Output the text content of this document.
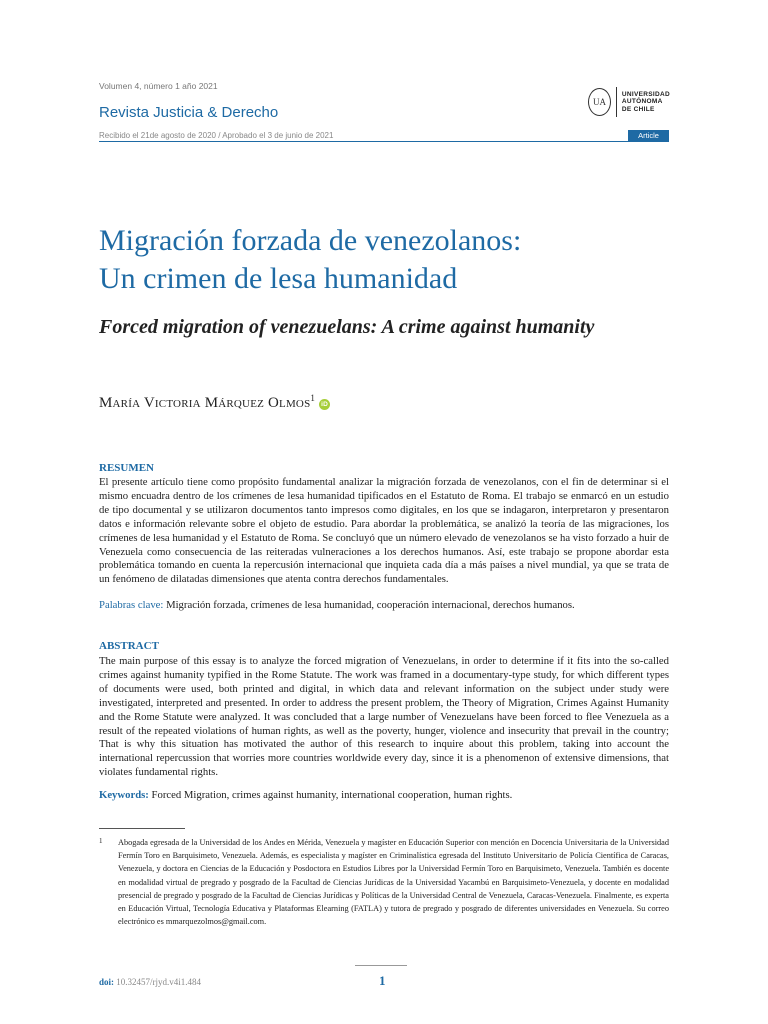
Volumen 4, número 1 año 2021
Revista Justicia & Derecho
Recibido el 21de agosto de 2020 / Aprobado el 3 de junio de 2021
UA
UNIVERSIDAD
AUTÓNOMA
DE CHILE
Article
Migración forzada de venezolanos:
Un crimen de lesa humanidad
Forced migration of venezuelans: A crime against humanity
María Victoria Márquez Olmos$^1$iD
RESUMEN
El presente artículo tiene como propósito fundamental analizar la migración forzada de venezolanos, con el fin de determinar si el mismo encuadra dentro de los crímenes de lesa humanidad tipificados en el Estatuto de Roma. El trabajo se enmarcó en un estudio de tipo documental y se utilizaron documentos tanto impresos como digitales, en los que se indagaron, interpretaron y presentaron datos e información relevante sobre el objeto de estudio. Para abordar la problemática, se analizó la teoría de las migraciones, los crímenes de lesa humanidad y el Estatuto de Roma. Se concluyó que un número elevado de venezolanos se ha visto forzado a huir de Venezuela como consecuencia de las reiteradas vulneraciones a los derechos humanos. Así, este trabajo se propone abordar esta problemática tomando en cuenta la repercusión internacional que inquieta cada día a más países a nivel mundial, ya que se trata de un fenómeno de dilatadas dimensiones que atenta contra derechos fundamentales.
Palabras clave: Migración forzada, crímenes de lesa humanidad, cooperación internacional, derechos humanos.
ABSTRACT
The main purpose of this essay is to analyze the forced migration of Venezuelans, in order to determine if it fits into the so-called crimes against humanity typified in the Rome Statute. The work was framed in a documentary-type study, for which different types of documents were used, both printed and digital, in which data and relevant information on the subject under study were investigated, interpreted and presented. In order to address the present problem, the Theory of Migration, Crimes Against Humanity and the Rome Statute were analyzed. It was concluded that a large number of Venezuelans have been forced to flee Venezuela as a result of the repeated violations of human rights, as well as the poverty, hunger, violence and insecurity that prevail in the country; That is why this situation has motivated the author of this research to inquire about this problem, taking into account the international repercussion that worries more countries worldwide every day, since it is a phenomenon of extensive dimensions, that violates fundamental rights.
Keywords: Forced Migration, crimes against humanity, international cooperation, human rights.
1 Abogada egresada de la Universidad de los Andes en Mérida, Venezuela y magíster en Educación Superior con mención en Docencia Universitaria de la Universidad Fermín Toro en Barquisimeto, Venezuela. Además, es especialista y magíster en Criminalística egresada del Instituto Universitario de Policía Científica de Caracas, Venezuela, y doctora en Ciencias de la Educación y Posdoctora en Estudios Libres por la Universidad Fermín Toro en Barquisimeto, Venezuela. También es docente en modalidad virtual de pregrado y posgrado de la Facultad de Ciencias Jurídicas de la Universidad Yacambú en Barquisimeto-Venezuela, y docente en modalidad presencial de pregrado y posgrado de la Facultad de Ciencias Jurídicas y Políticas de la Universidad Central de Venezuela, Caracas-Venezuela. Finalmente, es experta en Educación Virtual, Tecnología Educativa y Plataformas Elearning (FATLA) y tutora de pregrado y posgrado de diferentes universidades en Venezuela. Su correo electrónico es mmarquezolmos@gmail.com.
doi: 10.32457/rjyd.v4i1.484	1
